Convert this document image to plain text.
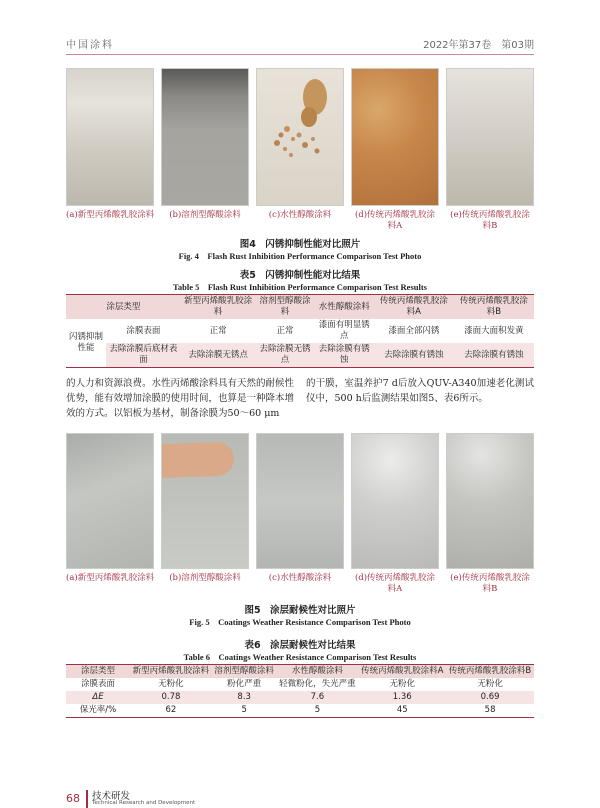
中国涂料	2022年第37卷　第03期
(a)新型丙烯酸乳胶涂料	(b)溶剂型醇酸涂料	(c)水性醇酸涂料	(d)传统丙烯酸乳胶涂料A
(e)传统丙烯酸乳胶涂料B
图4　闪锈抑制性能对比照片
Fig. 4　Flash Rust Inhibition Performance Comparison Test Photo
表5　闪锈抑制性能对比结果
Table 5　Flash Rust Inhibition Performance Comparison Test Results
涂层类型		新型丙烯酸乳胶涂料	溶剂型醇酸涂料	水性醇酸涂料	传统丙烯酸乳胶涂料A	传统丙烯酸乳胶涂料B
闪锈抑制性能	涂膜表面	正常	正常	漆面有明显锈点	漆面全部闪锈	漆面大面积发黄
	去除涂膜后底材表面	去除涂膜无锈点	去除涂膜无锈点	去除涂膜有锈蚀	去除涂膜有锈蚀	去除涂膜有锈蚀
的人力和资源浪费。水性丙烯酸涂料具有天然的耐候性优势，能有效增加涂膜的使用时间，也算是一种降本增效的方式。以铝板为基材，制备涂膜为50～60 μm
的干膜，室温养护7 d后放入QUV-A340加速老化测试仪中，500 h后监测结果如图5、表6所示。
(a)新型丙烯酸乳胶涂料	(b)溶剂型醇酸涂料	(c)水性醇酸涂料	(d)传统丙烯酸乳胶涂料A
(e)传统丙烯酸乳胶涂料B
图5　涂层耐候性对比照片
Fig. 5　Coatings Weather Resistance Comparison Test Photo
表6　涂层耐候性对比结果
Table 6　Coatings Weather Resistance Comparison Test Results
涂层类型	新型丙烯酸乳胶涂料	溶剂型醇酸涂料	水性醇酸涂料	传统丙烯酸乳胶涂料A	传统丙烯酸乳胶涂料B
涂膜表面	无粉化	粉化严重	轻微粉化，失光严重	无粉化	无粉化
ΔE	0.78	8.3	7.6	1.36	0.69
保光率/%	62	5	5	45	58
68 技术研发
Technical Research and Development
